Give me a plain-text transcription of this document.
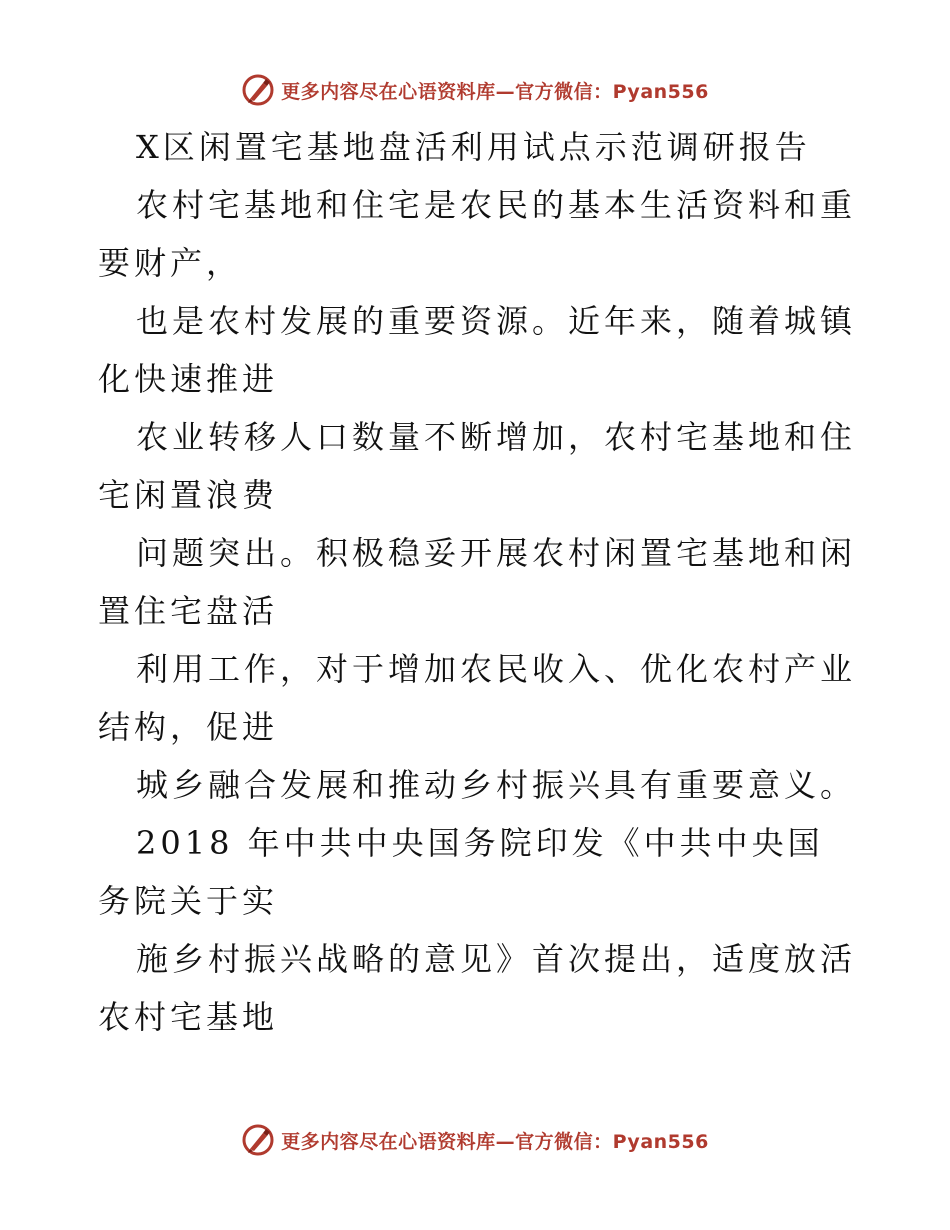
更多内容尽在心语资料库—官方微信：Pyan556

X区闲置宅基地盘活利用试点示范调研报告

农村宅基地和住宅是农民的基本生活资料和重要财产，

也是农村发展的重要资源。近年来，随着城镇化快速推进

农业转移人口数量不断增加，农村宅基地和住宅闲置浪费

问题突出。积极稳妥开展农村闲置宅基地和闲置住宅盘活

利用工作，对于增加农民收入、优化农村产业结构，促进

城乡融合发展和推动乡村振兴具有重要意义。

2018 年中共中央国务院印发《中共中央国务院关于实

施乡村振兴战略的意见》首次提出，适度放活农村宅基地

更多内容尽在心语资料库—官方微信：Pyan556
